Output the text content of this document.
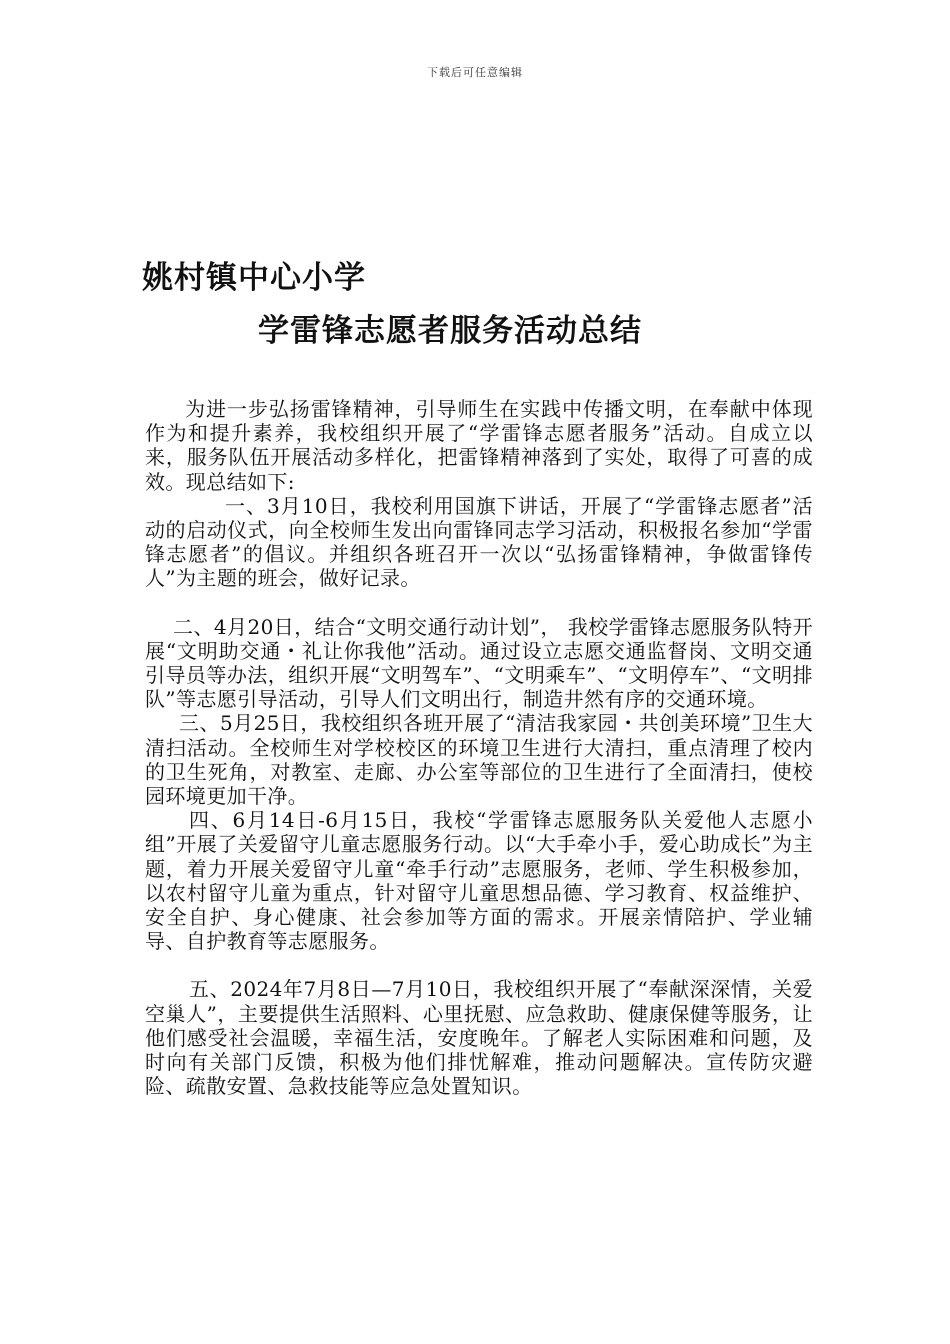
下载后可任意编辑
姚村镇中心小学
学雷锋志愿者服务活动总结

为进一步弘扬雷锋精神，引导师生在实践中传播文明，在奉献中体现作为和提升素养，我校组织开展了“学雷锋志愿者服务”活动。自成立以来，服务队伍开展活动多样化，把雷锋精神落到了实处，取得了可喜的成效。现总结如下:

一、3月10日，我校利用国旗下讲话，开展了“学雷锋志愿者”活动的启动仪式，向全校师生发出向雷锋同志学习活动，积极报名参加“学雷锋志愿者”的倡议。并组织各班召开一次以“弘扬雷锋精神，争做雷锋传人”为主题的班会，做好记录。

二、4月20日，结合“文明交通行动计划”， 我校学雷锋志愿服务队特开展“文明助交通・礼让你我他”活动。通过设立志愿交通监督岗、文明交通引导员等办法，组织开展“文明驾车”、“文明乘车”、“文明停车”、“文明排队”等志愿引导活动，引导人们文明出行，制造井然有序的交通环境。

三、5月25日，我校组织各班开展了“清洁我家园・共创美环境”卫生大清扫活动。全校师生对学校校区的环境卫生进行大清扫，重点清理了校内的卫生死角，对教室、走廊、办公室等部位的卫生进行了全面清扫，使校园环境更加干净。

四、6月14日-6月15日，我校“学雷锋志愿服务队关爱他人志愿小组”开展了关爱留守儿童志愿服务行动。以“大手牵小手，爱心助成长”为主题，着力开展关爱留守儿童“牵手行动”志愿服务，老师、学生积极参加，以农村留守儿童为重点，针对留守儿童思想品德、学习教育、权益维护、安全自护、身心健康、社会参加等方面的需求。开展亲情陪护、学业辅导、自护教育等志愿服务。

五、2024年7月8日—7月10日，我校组织开展了“奉献深深情，关爱空巢人”，主要提供生活照料、心里抚慰、应急救助、健康保健等服务，让他们感受社会温暖，幸福生活，安度晚年。了解老人实际困难和问题，及时向有关部门反馈，积极为他们排忧解难，推动问题解决。宣传防灾避险、疏散安置、急救技能等应急处置知识。
